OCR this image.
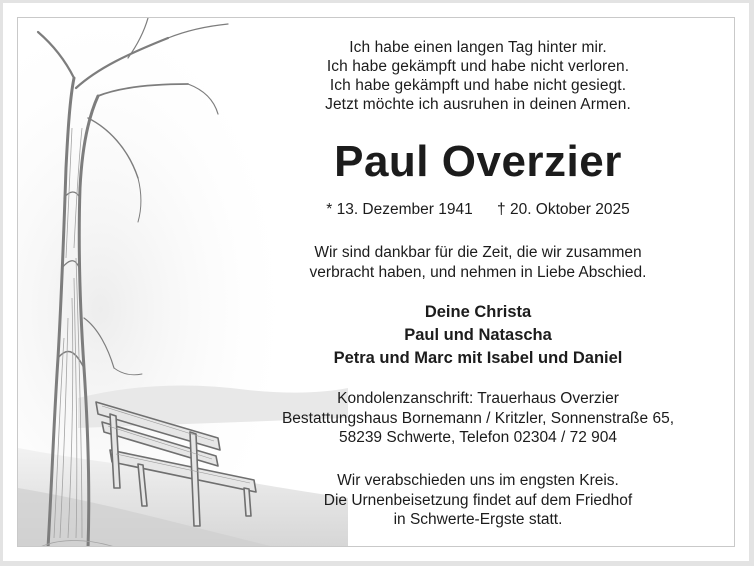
Ich habe einen langen Tag hinter mir.
Ich habe gekämpft und habe nicht verloren.
Ich habe gekämpft und habe nicht gesiegt.
Jetzt möchte ich ausruhen in deinen Armen.
Paul Overzier
* 13. Dezember 1941 † 20. Oktober 2025
Wir sind dankbar für die Zeit, die wir zusammen
verbracht haben, und nehmen in Liebe Abschied.
Deine Christa
Paul und Natascha
Petra und Marc mit Isabel und Daniel
Kondolenzanschrift: Trauerhaus Overzier
Bestattungshaus Bornemann / Kritzler, Sonnenstraße 65,
58239 Schwerte, Telefon 02304 / 72 904
Wir verabschieden uns im engsten Kreis.
Die Urnenbeisetzung findet auf dem Friedhof
in Schwerte-Ergste statt.
